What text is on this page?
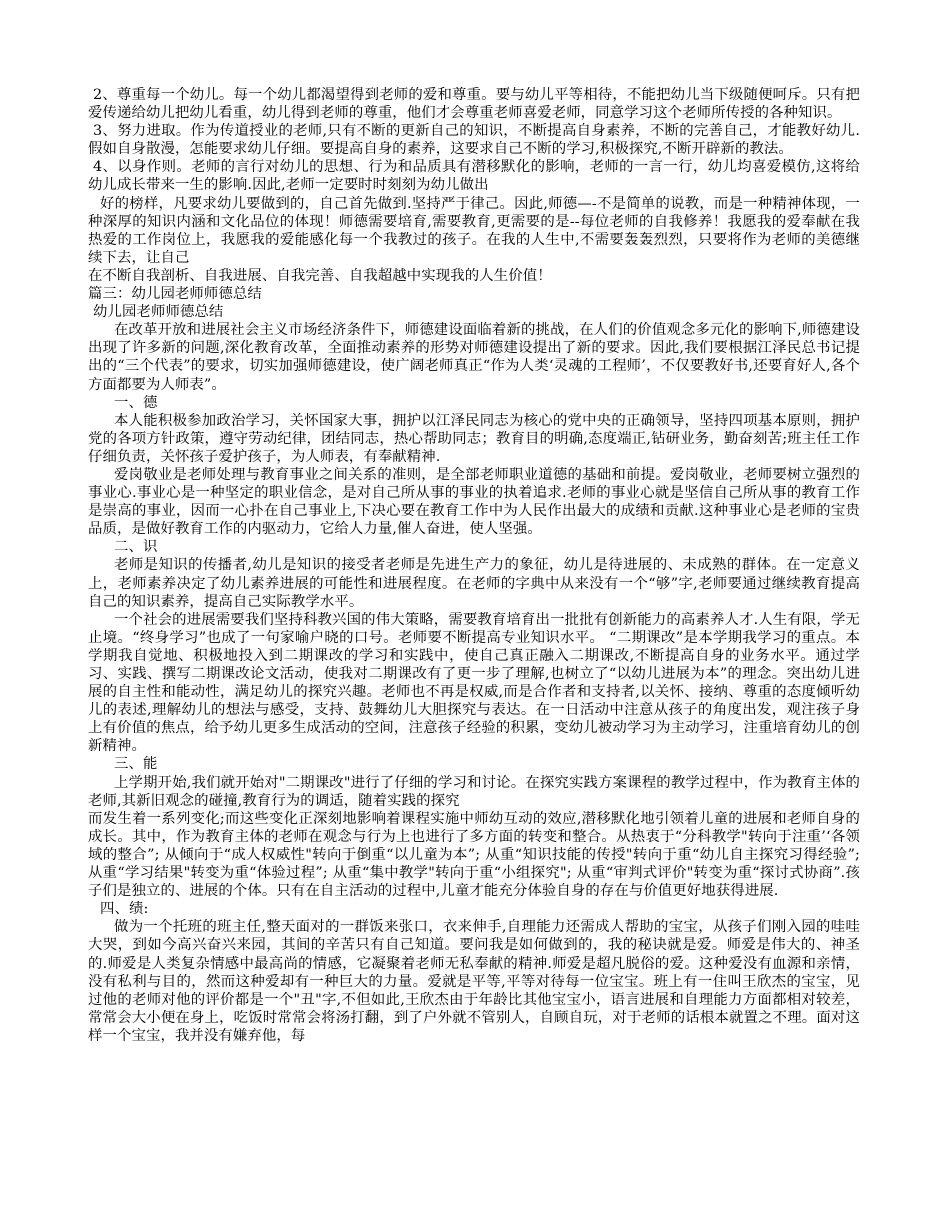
2、尊重每一个幼儿。每一个幼儿都渴望得到老师的爱和尊重。要与幼儿平等相待，不能把幼儿当下级随便呵斥。只有把爱传递给幼儿把幼儿看重，幼儿得到老师的尊重，他们才会尊重老师喜爱老师，同意学习这个老师所传授的各种知识。

3、努力进取。作为传道授业的老师,只有不断的更新自己的知识，不断提高自身素养，不断的完善自己，才能教好幼儿.假如自身散漫，怎能要求幼儿仔细。要提高自身的素养，这要求自己不断的学习,积极探究,不断开辟新的教法。

4、以身作则。老师的言行对幼儿的思想、行为和品质具有潜移默化的影响，老师的一言一行，幼儿均喜爱模仿,这将给幼儿成长带来一生的影响.因此,老师一定要时时刻刻为幼儿做出

好的榜样，凡要求幼儿要做到的，自己首先做到.坚持严于律己。因此,师德—-不是简单的说教，而是一种精神体现，一种深厚的知识内涵和文化品位的体现！师德需要培育,需要教育,更需要的是--每位老师的自我修养！我愿我的爱奉献在我热爱的工作岗位上，我愿我的爱能感化每一个我教过的孩子。在我的人生中,不需要轰轰烈烈，只要将作为老师的美德继续下去，让自己

在不断自我剖析、自我进展、自我完善、自我超越中实现我的人生价值！

篇三：幼儿园老师师德总结

幼儿园老师师德总结

在改革开放和进展社会主义市场经济条件下，师德建设面临着新的挑战，在人们的价值观念多元化的影响下,师德建设出现了许多新的问题,深化教育改革，全面推动素养的形势对师德建设提出了新的要求。因此,我们要根据江泽民总书记提出的“三个代表”的要求，切实加强师德建设，使广阔老师真正“作为人类‘灵魂的工程师’，不仅要教好书,还要育好人,各个方面都要为人师表”。

一、德

本人能积极参加政治学习，关怀国家大事，拥护以江泽民同志为核心的党中央的正确领导，坚持四项基本原则，拥护党的各项方针政策，遵守劳动纪律，团结同志，热心帮助同志；教育目的明确,态度端正,钻研业务，勤奋刻苦;班主任工作仔细负责，关怀孩子爱护孩子，为人师表，有奉献精神.

爱岗敬业是老师处理与教育事业之间关系的准则，是全部老师职业道德的基础和前提。爱岗敬业，老师要树立强烈的事业心.事业心是一种坚定的职业信念，是对自己所从事的事业的执着追求.老师的事业心就是坚信自己所从事的教育工作是崇高的事业，因而一心扑在自己事业上,下决心要在教育工作中为人民作出最大的成绩和贡献.这种事业心是老师的宝贵品质，是做好教育工作的内驱动力，它给人力量,催人奋进，使人坚强。

二、识

老师是知识的传播者,幼儿是知识的接受者老师是先进生产力的象征，幼儿是待进展的、未成熟的群体。在一定意义上，老师素养决定了幼儿素养进展的可能性和进展程度。在老师的字典中从来没有一个“够”字,老师要通过继续教育提高自己的知识素养，提高自己实际教学水平。

一个社会的进展需要我们坚持科教兴国的伟大策略，需要教育培育出一批批有创新能力的高素养人才.人生有限，学无止境。“终身学习”也成了一句家喻户晓的口号。老师要不断提高专业知识水平。 “二期课改”是本学期我学习的重点。本学期我自觉地、积极地投入到二期课改的学习和实践中，使自己真正融入二期课改,不断提高自身的业务水平。通过学习、实践、撰写二期课改论文活动，使我对二期课改有了更一步了理解,也树立了“以幼儿进展为本”的理念。突出幼儿进展的自主性和能动性，满足幼儿的探究兴趣。老师也不再是权威,而是合作者和支持者,以关怀、接纳、尊重的态度倾听幼儿的表述,理解幼儿的想法与感受，支持、鼓舞幼儿大胆探究与表达。在一日活动中注意从孩子的角度出发，观注孩子身上有价值的焦点，给予幼儿更多生成活动的空间，注意孩子经验的积累，变幼儿被动学习为主动学习，注重培育幼儿的创新精神。

三、能

上学期开始,我们就开始对"二期课改"进行了仔细的学习和讨论。在探究实践方案课程的教学过程中，作为教育主体的老师,其新旧观念的碰撞,教育行为的调适，随着实践的探究

而发生着一系列变化;而这些变化正深刻地影响着课程实施中师幼互动的效应,潜移默化地引领着儿童的进展和老师自身的成长。其中，作为教育主体的老师在观念与行为上也进行了多方面的转变和整合。从热衷于“分科教学"转向于注重’‘各领域的整合”; 从倾向于“成人权威性"转向于倒重“以儿童为本”; 从重“知识技能的传授"转向于重“幼儿自主探究习得经验”; 从重“学习结果"转变为重“体验过程”; 从重“集中教学"转向于重“小组探究"; 从重“审判式评价"转变为重“探讨式协商”.孩子们是独立的、进展的个体。只有在自主活动的过程中,儿童才能充分体验自身的存在与价值更好地获得进展.

四、绩:

做为一个托班的班主任,整天面对的一群饭来张口，衣来伸手,自理能力还需成人帮助的宝宝，从孩子们刚入园的哇哇大哭，到如今高兴奋兴来园，其间的辛苦只有自己知道。要问我是如何做到的，我的秘诀就是爱。师爱是伟大的、神圣的.师爱是人类复杂情感中最高尚的情感，它凝聚着老师无私奉献的精神.师爱是超凡脱俗的爱。这种爱没有血源和亲情，没有私利与目的，然而这种爱却有一种巨大的力量。爱就是平等,平等对待每一位宝宝。班上有一住叫王欣杰的宝宝，见过他的老师对他的评价都是一个"丑"字,不但如此,王欣杰由于年龄比其他宝宝小，语言进展和自理能力方面都相对较差，常常会大小便在身上，吃饭时常常会将汤打翻，到了户外就不管别人，自顾自玩，对于老师的话根本就置之不理。面对这样一个宝宝，我并没有嫌弃他，每
